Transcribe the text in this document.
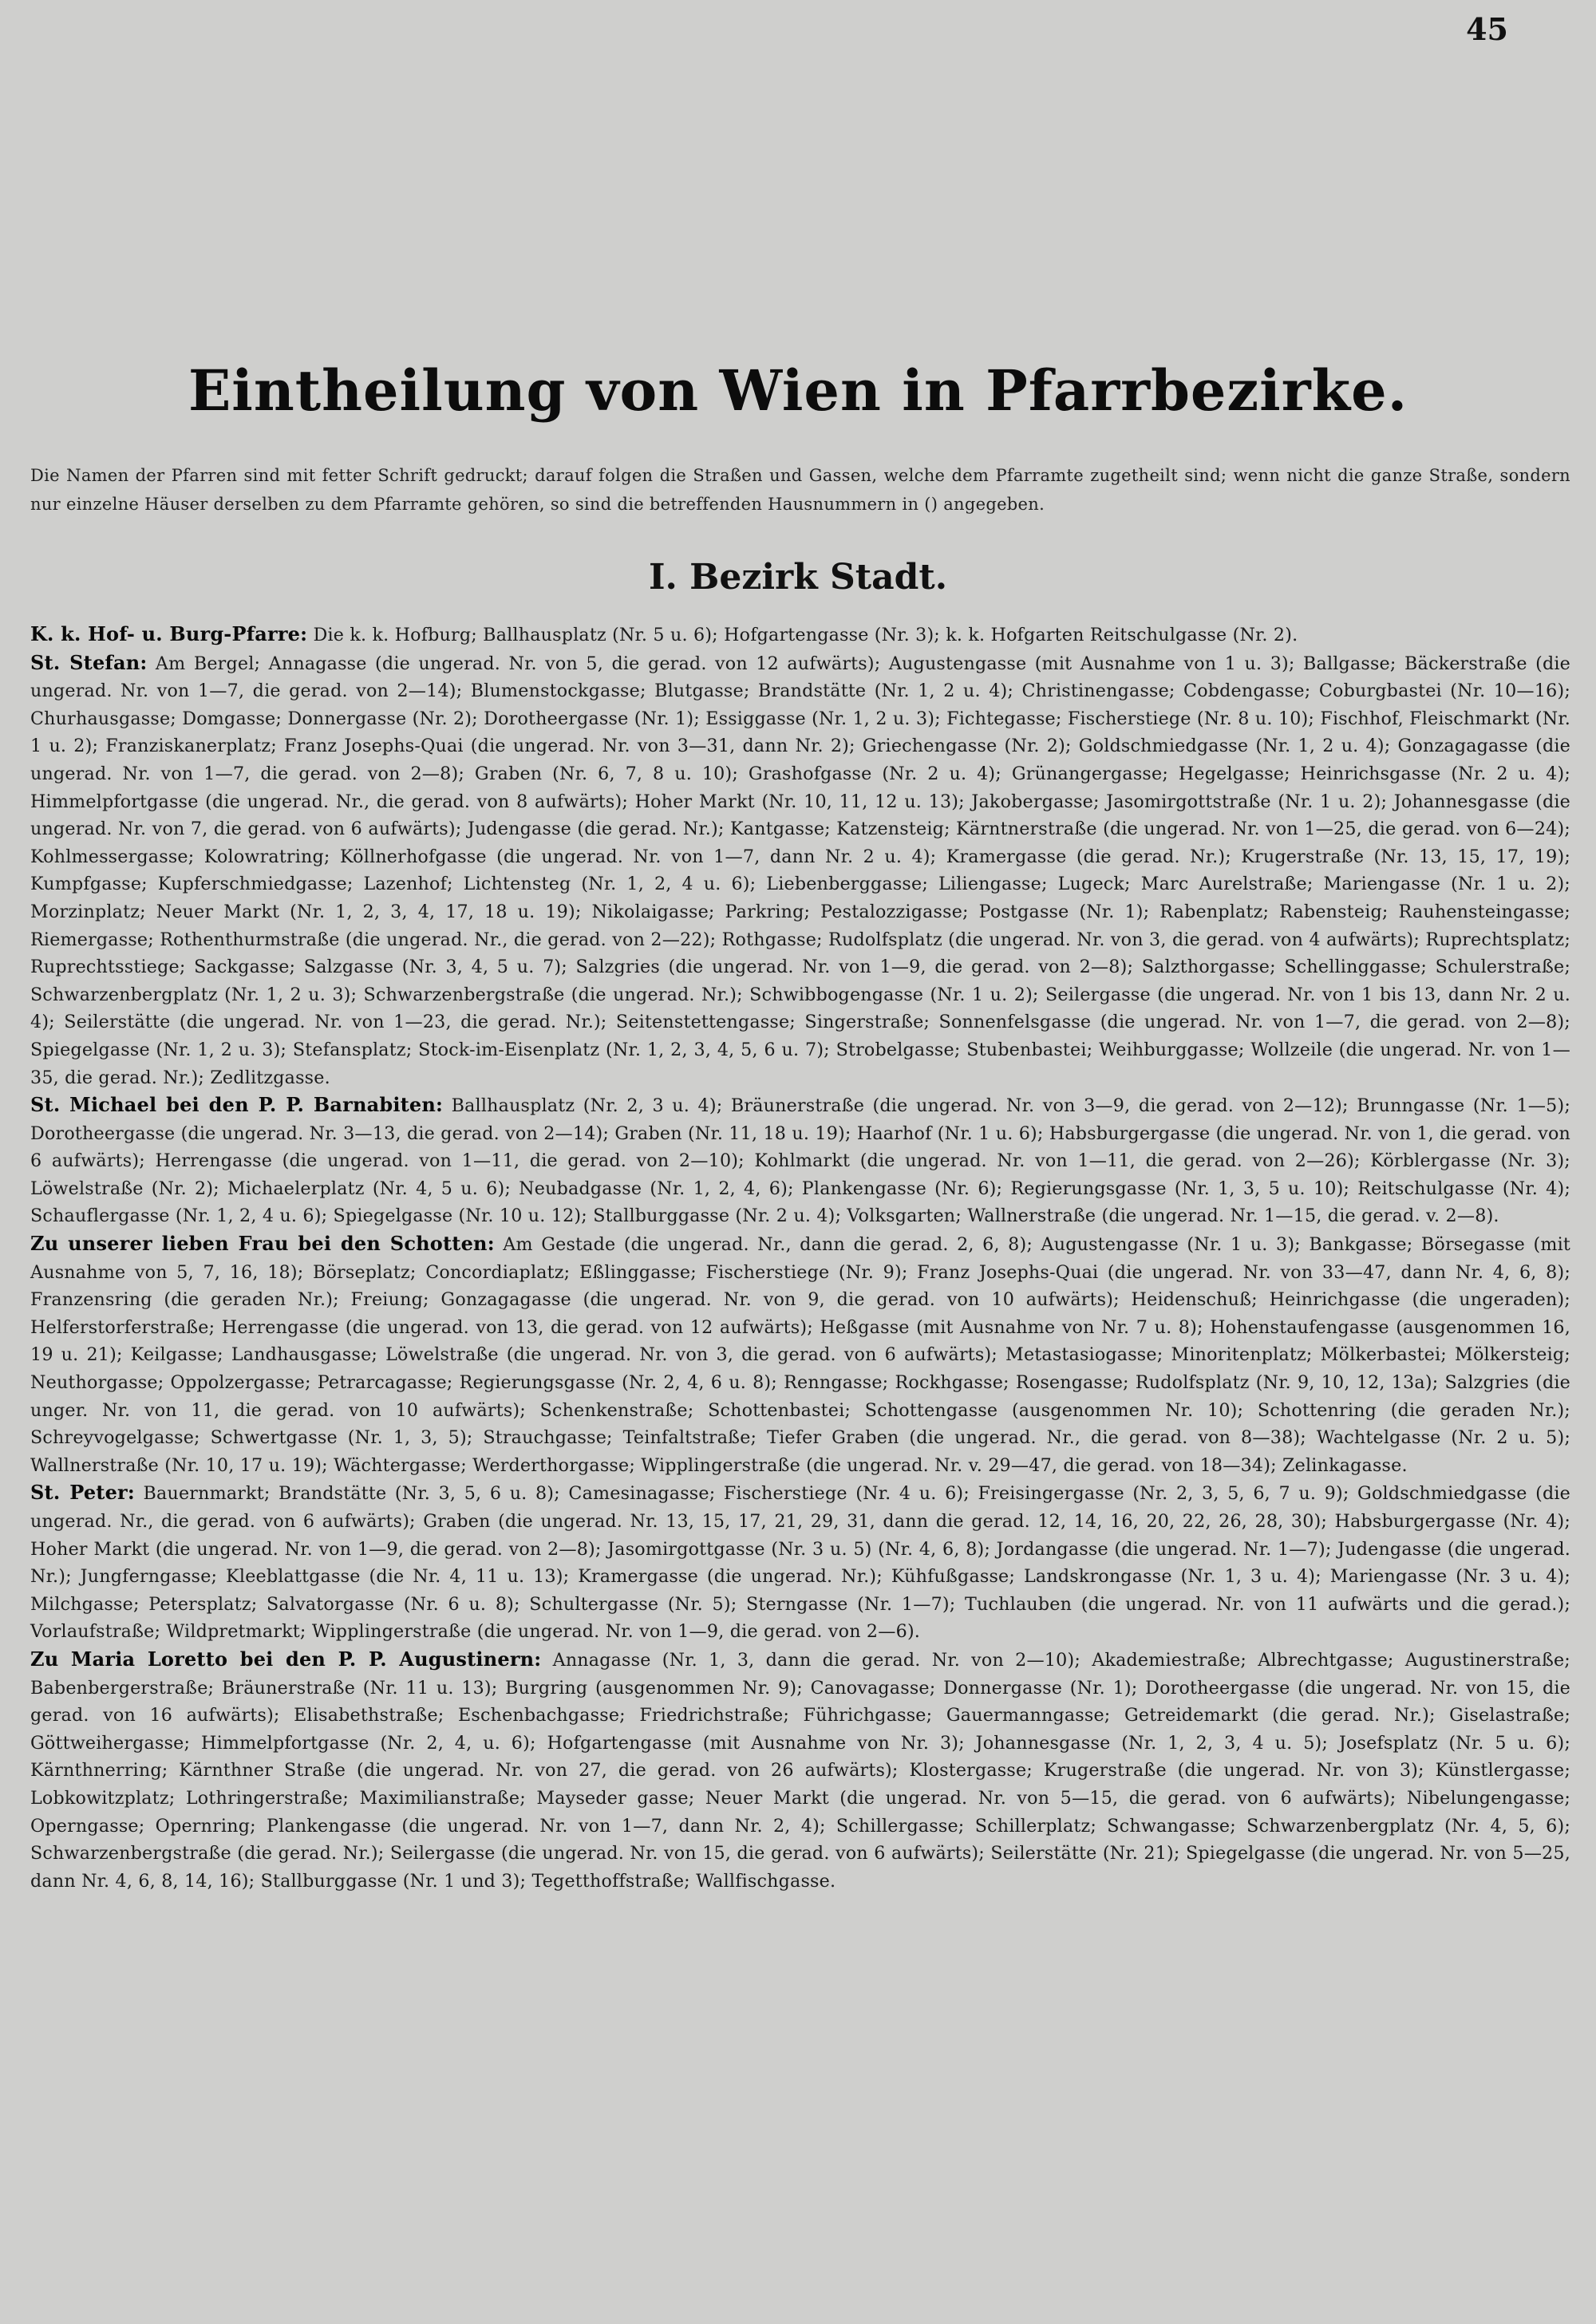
45
Eintheilung von Wien in Pfarrbezirke.
Die Namen der Pfarren sind mit fetter Schrift gedruckt; darauf folgen die Straßen und Gassen, welche dem Pfarramte zugetheilt sind; wenn nicht die ganze Straße, sondern nur einzelne Häuser derselben zu dem Pfarramte gehören, so sind die betreffenden Hausnummern in () angegeben.
I. Bezirk Stadt.

K. k. Hof- u. Burg-Pfarre: Die k. k. Hofburg; Ballhausplatz (Nr. 5 u. 6); Hofgartengasse (Nr. 3); k. k. Hofgarten Reitschulgasse (Nr. 2).

St. Stefan: Am Bergel; Annagasse (die ungerad. Nr. von 5, die gerad. von 12 aufwärts); Augustengasse (mit Ausnahme von 1 u. 3); Ballgasse; Bäckerstraße (die ungerad. Nr. von 1—7, die gerad. von 2—14); Blumenstockgasse; Blutgasse; Brandstätte (Nr. 1, 2 u. 4); Christinengasse; Cobdengasse; Coburgbastei (Nr. 10—16); Churhausgasse; Domgasse; Donnergasse (Nr. 2); Dorotheergasse (Nr. 1); Essiggasse (Nr. 1, 2 u. 3); Fichtegasse; Fischerstiege (Nr. 8 u. 10); Fischhof, Fleischmarkt (Nr. 1 u. 2); Franziskanerplatz; Franz Josephs-Quai (die ungerad. Nr. von 3—31, dann Nr. 2); Griechengasse (Nr. 2); Goldschmiedgasse (Nr. 1, 2 u. 4); Gonzagagasse (die ungerad. Nr. von 1—7, die gerad. von 2—8); Graben (Nr. 6, 7, 8 u. 10); Grashofgasse (Nr. 2 u. 4); Grünangergasse; Hegelgasse; Heinrichsgasse (Nr. 2 u. 4); Himmelpfortgasse (die ungerad. Nr., die gerad. von 8 aufwärts); Hoher Markt (Nr. 10, 11, 12 u. 13); Jakobergasse; Jasomirgottstraße (Nr. 1 u. 2); Johannesgasse (die ungerad. Nr. von 7, die gerad. von 6 aufwärts); Judengasse (die gerad. Nr.); Kantgasse; Katzensteig; Kärntnerstraße (die ungerad. Nr. von 1—25, die gerad. von 6—24); Kohlmessergasse; Kolowratring; Köllnerhofgasse (die ungerad. Nr. von 1—7, dann Nr. 2 u. 4); Kramergasse (die gerad. Nr.); Krugerstraße (Nr. 13, 15, 17, 19); Kumpfgasse; Kupferschmiedgasse; Lazenhof; Lichtensteg (Nr. 1, 2, 4 u. 6); Liebenberggasse; Liliengasse; Lugeck; Marc Aurelstraße; Mariengasse (Nr. 1 u. 2); Morzinplatz; Neuer Markt (Nr. 1, 2, 3, 4, 17, 18 u. 19); Nikolaigasse; Parkring; Pestalozzigasse; Postgasse (Nr. 1); Rabenplatz; Rabensteig; Rauhensteingasse; Riemergasse; Rothenthurmstraße (die ungerad. Nr., die gerad. von 2—22); Rothgasse; Rudolfsplatz (die ungerad. Nr. von 3, die gerad. von 4 aufwärts); Ruprechtsplatz; Ruprechtsstiege; Sackgasse; Salzgasse (Nr. 3, 4, 5 u. 7); Salzgries (die ungerad. Nr. von 1—9, die gerad. von 2—8); Salzthorgasse; Schellinggasse; Schulerstraße; Schwarzenbergplatz (Nr. 1, 2 u. 3); Schwarzenbergstraße (die ungerad. Nr.); Schwibbogengasse (Nr. 1 u. 2); Seilergasse (die ungerad. Nr. von 1 bis 13, dann Nr. 2 u. 4); Seilerstätte (die ungerad. Nr. von 1—23, die gerad. Nr.); Seitenstettengasse; Singerstraße; Sonnenfelsgasse (die ungerad. Nr. von 1—7, die gerad. von 2—8); Spiegelgasse (Nr. 1, 2 u. 3); Stefansplatz; Stock-im-Eisenplatz (Nr. 1, 2, 3, 4, 5, 6 u. 7); Strobelgasse; Stubenbastei; Weihburggasse; Wollzeile (die ungerad. Nr. von 1—35, die gerad. Nr.); Zedlitzgasse.

St. Michael bei den P. P. Barnabiten: Ballhausplatz (Nr. 2, 3 u. 4); Bräunerstraße (die ungerad. Nr. von 3—9, die gerad. von 2—12); Brunngasse (Nr. 1—5); Dorotheergasse (die ungerad. Nr. 3—13, die gerad. von 2—14); Graben (Nr. 11, 18 u. 19); Haarhof (Nr. 1 u. 6); Habsburgergasse (die ungerad. Nr. von 1, die gerad. von 6 aufwärts); Herrengasse (die ungerad. von 1—11, die gerad. von 2—10); Kohlmarkt (die ungerad. Nr. von 1—11, die gerad. von 2—26); Körblergasse (Nr. 3); Löwelstraße (Nr. 2); Michaelerplatz (Nr. 4, 5 u. 6); Neubadgasse (Nr. 1, 2, 4, 6); Plankengasse (Nr. 6); Regierungsgasse (Nr. 1, 3, 5 u. 10); Reitschulgasse (Nr. 4); Schauflergasse (Nr. 1, 2, 4 u. 6); Spiegelgasse (Nr. 10 u. 12); Stallburggasse (Nr. 2 u. 4); Volksgarten; Wallnerstraße (die ungerad. Nr. 1—15, die gerad. v. 2—8).

Zu unserer lieben Frau bei den Schotten: Am Gestade (die ungerad. Nr., dann die gerad. 2, 6, 8); Augustengasse (Nr. 1 u. 3); Bankgasse; Börsegasse (mit Ausnahme von 5, 7, 16, 18); Börseplatz; Concordiaplatz; Eßlinggasse; Fischerstiege (Nr. 9); Franz Josephs-Quai (die ungerad. Nr. von 33—47, dann Nr. 4, 6, 8); Franzensring (die geraden Nr.); Freiung; Gonzagagasse (die ungerad. Nr. von 9, die gerad. von 10 aufwärts); Heidenschuß; Heinrichgasse (die ungeraden); Helferstorferstraße; Herrengasse (die ungerad. von 13, die gerad. von 12 aufwärts); Heßgasse (mit Ausnahme von Nr. 7 u. 8); Hohenstaufengasse (ausgenommen 16, 19 u. 21); Keilgasse; Landhausgasse; Löwelstraße (die ungerad. Nr. von 3, die gerad. von 6 aufwärts); Metastasiogasse; Minoritenplatz; Mölkerbastei; Mölkersteig; Neuthorgasse; Oppolzergasse; Petrarcagasse; Regierungsgasse (Nr. 2, 4, 6 u. 8); Renngasse; Rockhgasse; Rosengasse; Rudolfsplatz (Nr. 9, 10, 12, 13a); Salzgries (die unger. Nr. von 11, die gerad. von 10 aufwärts); Schenkenstraße; Schottenbastei; Schottengasse (ausgenommen Nr. 10); Schottenring (die geraden Nr.); Schreyvogelgasse; Schwertgasse (Nr. 1, 3, 5); Strauchgasse; Teinfaltstraße; Tiefer Graben (die ungerad. Nr., die gerad. von 8—38); Wachtelgasse (Nr. 2 u. 5); Wallnerstraße (Nr. 10, 17 u. 19); Wächtergasse; Werderthorgasse; Wipplingerstraße (die ungerad. Nr. v. 29—47, die gerad. von 18—34); Zelinkagasse.

St. Peter: Bauernmarkt; Brandstätte (Nr. 3, 5, 6 u. 8); Camesinagasse; Fischerstiege (Nr. 4 u. 6); Freisingergasse (Nr. 2, 3, 5, 6, 7 u. 9); Goldschmiedgasse (die ungerad. Nr., die gerad. von 6 aufwärts); Graben (die ungerad. Nr. 13, 15, 17, 21, 29, 31, dann die gerad. 12, 14, 16, 20, 22, 26, 28, 30); Habsburgergasse (Nr. 4); Hoher Markt (die ungerad. Nr. von 1—9, die gerad. von 2—8); Jasomirgottgasse (Nr. 3 u. 5) (Nr. 4, 6, 8); Jordangasse (die ungerad. Nr. 1—7); Judengasse (die ungerad. Nr.); Jungferngasse; Kleeblattgasse (die Nr. 4, 11 u. 13); Kramergasse (die ungerad. Nr.); Kühfußgasse; Landskrongasse (Nr. 1, 3 u. 4); Mariengasse (Nr. 3 u. 4); Milchgasse; Petersplatz; Salvatorgasse (Nr. 6 u. 8); Schultergasse (Nr. 5); Sterngasse (Nr. 1—7); Tuchlauben (die ungerad. Nr. von 11 aufwärts und die gerad.); Vorlaufstraße; Wildpretmarkt; Wipplingerstraße (die ungerad. Nr. von 1—9, die gerad. von 2—6).

Zu Maria Loretto bei den P. P. Augustinern: Annagasse (Nr. 1, 3, dann die gerad. Nr. von 2—10); Akademiestraße; Albrechtgasse; Augustinerstraße; Babenbergerstraße; Bräunerstraße (Nr. 11 u. 13); Burgring (ausgenommen Nr. 9); Canovagasse; Donnergasse (Nr. 1); Dorotheergasse (die ungerad. Nr. von 15, die gerad. von 16 aufwärts); Elisabethstraße; Eschenbachgasse; Friedrichstraße; Führichgasse; Gauermanngasse; Getreidemarkt (die gerad. Nr.); Giselastraße; Göttweihergasse; Himmelpfortgasse (Nr. 2, 4, u. 6); Hofgartengasse (mit Ausnahme von Nr. 3); Johannesgasse (Nr. 1, 2, 3, 4 u. 5); Josefsplatz (Nr. 5 u. 6); Kärnthnerring; Kärnthner Straße (die ungerad. Nr. von 27, die gerad. von 26 aufwärts); Klostergasse; Krugerstraße (die ungerad. Nr. von 3); Künstlergasse; Lobkowitzplatz; Lothringerstraße; Maximilianstraße; Mayseder gasse; Neuer Markt (die ungerad. Nr. von 5—15, die gerad. von 6 aufwärts); Nibelungengasse; Operngasse; Opernring; Plankengasse (die ungerad. Nr. von 1—7, dann Nr. 2, 4); Schillergasse; Schillerplatz; Schwangasse; Schwarzenbergplatz (Nr. 4, 5, 6); Schwarzenbergstraße (die gerad. Nr.); Seilergasse (die ungerad. Nr. von 15, die gerad. von 6 aufwärts); Seilerstätte (Nr. 21); Spiegelgasse (die ungerad. Nr. von 5—25, dann Nr. 4, 6, 8, 14, 16); Stallburggasse (Nr. 1 und 3); Tegetthoffstraße; Wallfischgasse.
